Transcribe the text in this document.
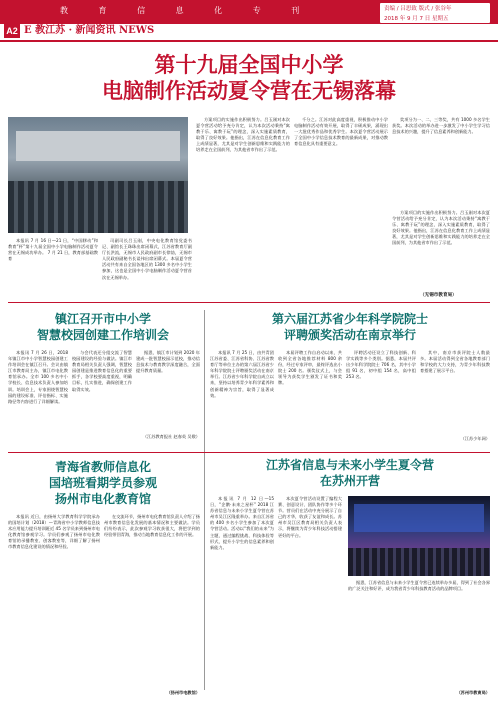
教 育 信 息 化 专 刊	责编 / 吕思致 版式 / 张谷年
2018 年 9 月 7 日 星期五
A2 E 教江苏 · 新闻资讯 NEWS
第十九届全国中小学
电脑制作活动夏令营在无锡落幕

本报讯 7 月 16 日—21 日，“中国移动”和教育“杯”第十九届全国中小学电脑制作活动夏令营在无锡成功举办。 7 月 21 日，教育部基础教育

司副司长吕玉刚，中央电化教育馆党委书记、副馆长王珠珠出席闭幕式，江苏省教育厅副厅长洪流，无锡市人民政府副市长徐劼，无锡市人民政府副秘书长谈伟出席闭幕式。本届夏令营活动共有来自全国各地区的 1300 多名中小学生参加，这也是全国中小学电脑制作活动夏令营首次在无锡举办。

方案项目的实施作出积极努力。吕玉刚对本次夏令营活动给予充分肯定，认为本次活动秉持“寓教于乐、寓教于玩”的理念，深入实施素质教育，取得了良好效果。他指出，江苏在信息化教育工作上成绩显著，尤其是对学生创新思维和实践能力的培养走在全国前列，为其他省市作出了示范。

千分之。江苏对此高度重视，积极推动中小学电脑制作活动有效开展，取得了丰硕成果，涌现出一大批优秀作品和优秀学生。本次夏令营活动展示了全国中小学信息技术教育的最新成果，对推动教育信息化具有重要意义。

奖项分为一、二、三等奖，共有 1000 多名学生获奖。本次活动的举办进一步激发了中小学生学习信息技术的兴趣，提升了信息素养和创新能力。

方案项目的实施作出积极努力。吕玉刚对本次夏令营活动给予充分肯定，认为本次活动秉持“寓教于乐、寓教于玩”的理念，深入实施素质教育，取得了良好效果。他指出，江苏在信息化教育工作上成绩显著，尤其是对学生创新思维和实践能力的培养走在全国前列，为其他省市作出了示范。

（无锡市教育局）
镇江召开市中小学
智慧校园创建工作培训会

本报讯 7 月 26 日，2018 年镇江市中小学智慧校园创建工作培训会在镇江召开。会议由镇江市教育局主办，镇江市电化教育馆承办。全市 100 多名中小学校长、信息技术负责人参加培训。培训会上，专家围绕智慧校园的建设标准、评估指标、实施路径等内容进行了详细解读。

与会代表还分组交流了智慧校园建设的经验与做法。镇江市教育局相关负责人强调，智慧校园创建是推进教育信息化的重要抓手，各学校要高度重视，明确目标，扎实推进，确保创建工作取得实效。

据悉，镇江市计划到 2020 年建成一批智慧校园示范校，推动信息技术与教育教学深度融合，全面提升教育质量。

（江苏教育报社 赵春英 吴敬）
第六届江苏省少年科学院院士
评聘颁奖活动在南京举行

本报讯 7 月 25 日，由共青团江苏省委、江苏省科协、江苏省教育厅等单位主办的第六届江苏省少年科学院院士评聘颁奖活动在南京举行。江苏省少年科学院自成立以来，坚持以培养青少年科学素养和创新精神为宗旨，取得了显著成效。

本届评聘工作自启动以来，共收到全省各地推荐材料 800 余份，经过专家评审，最终评选出小院士 200 名。颁奖仪式上，与会领导为获奖学生颁发了证书和奖牌。

评聘活动还设立了科技创新、科学实践等多个类别。据悉，本届共评出少年科学院院士 706 名，其中小学组 91 名，初中组 154 名，高中组 253 名。

其中，南京市获评院士人数最多。本届活动得到全省各地教育部门和学校的大力支持，为青少年科技教育搭建了展示平台。

（江苏少年网）
青海省教师信息化
国培班看期学员参观
扬州市电化教育馆

本报讯 近日，由扬州大学教育科学学院承办的国培计划（2018）—青海省中小学教师信息技术应用能力提升培训班近 45 名学员来到扬州市电化教育馆参观学习。学员们参观了扬州市电化教育馆的录播教室、创客教室等，详细了解了扬州市教育信息化建设的情况和经验。

在交流环节，扬州市电化教育馆负责人介绍了扬州市教育信息化发展的基本情况和主要做法。学员们纷纷表示，此次参观学习收获很大，将把学到的经验带回青海，推动当地教育信息化工作的开展。

（扬州市电教馆）
江苏省信息与未来小学生夏令营
在苏州开营

本报讯 7 月 12 日—15 日，“企鹅·未来之星杯” 2018 江苏省信息与未来小学生夏令营在苏州市吴江区隆重举办。来自江苏省的 400 多名小学生参加了本次夏令营活动。活动以“我们的未来”为主题，通过编程挑战、科技体验等形式，提升小学生的信息素养和创新能力。

本次夏令营活动设置了编程大赛、创意设计、团队协作等多个环节。营员们在活动中充分展示了自己的才华，收获了友谊和成长。苏州市吴江区教育局相关负责人表示，将继续为青少年科技活动搭建更好的平台。

据悉，江苏省信息与未来小学生夏令营已连续举办多届，得到了社会各界的广泛关注和好评，成为我省青少年科技教育活动的品牌项目。

（苏州市教育局）
